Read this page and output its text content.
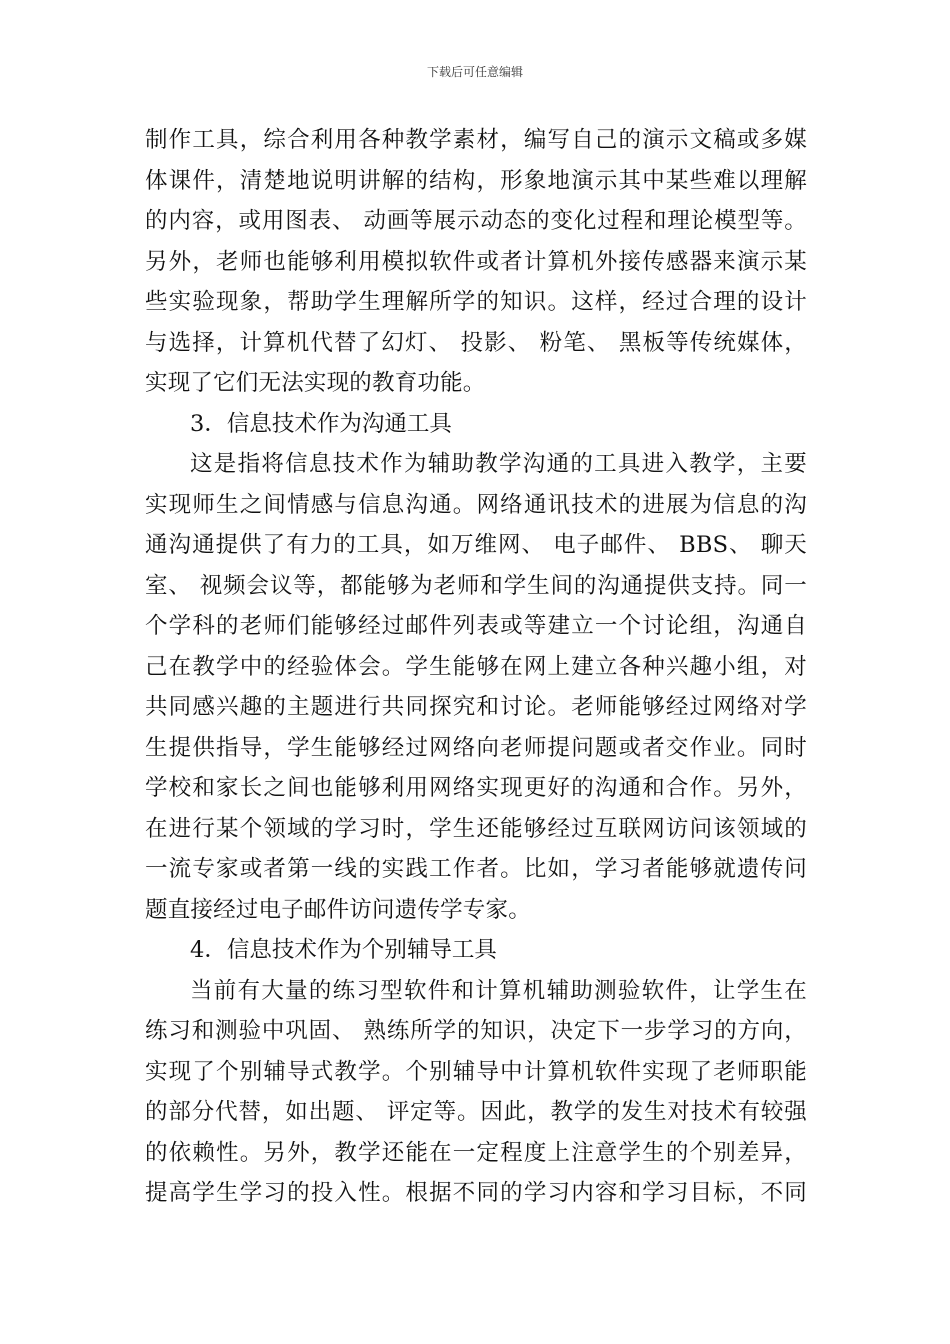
下载后可任意编辑
制作工具，综合利用各种教学素材，编写自己的演示文稿或多媒
体课件，清楚地说明讲解的结构，形象地演示其中某些难以理解
的内容，或用图表、 动画等展示动态的变化过程和理论模型等。
另外，老师也能够利用模拟软件或者计算机外接传感器来演示某
些实验现象，帮助学生理解所学的知识。这样，经过合理的设计
与选择，计算机代替了幻灯、 投影、 粉笔、 黑板等传统媒体，
实现了它们无法实现的教育功能。
3．信息技术作为沟通工具
这是指将信息技术作为辅助教学沟通的工具进入教学，主要
实现师生之间情感与信息沟通。网络通讯技术的进展为信息的沟
通沟通提供了有力的工具，如万维网、 电子邮件、 BBS、 聊天
室、 视频会议等，都能够为老师和学生间的沟通提供支持。同一
个学科的老师们能够经过邮件列表或等建立一个讨论组，沟通自
己在教学中的经验体会。学生能够在网上建立各种兴趣小组，对
共同感兴趣的主题进行共同探究和讨论。老师能够经过网络对学
生提供指导，学生能够经过网络向老师提问题或者交作业。同时
学校和家长之间也能够利用网络实现更好的沟通和合作。另外，
在进行某个领域的学习时，学生还能够经过互联网访问该领域的
一流专家或者第一线的实践工作者。比如，学习者能够就遗传问
题直接经过电子邮件访问遗传学专家。
4．信息技术作为个别辅导工具
当前有大量的练习型软件和计算机辅助测验软件，让学生在
练习和测验中巩固、 熟练所学的知识，决定下一步学习的方向，
实现了个别辅导式教学。个别辅导中计算机软件实现了老师职能
的部分代替，如出题、 评定等。因此，教学的发生对技术有较强
的依赖性。另外，教学还能在一定程度上注意学生的个别差异，
提高学生学习的投入性。根据不同的学习内容和学习目标，不同
